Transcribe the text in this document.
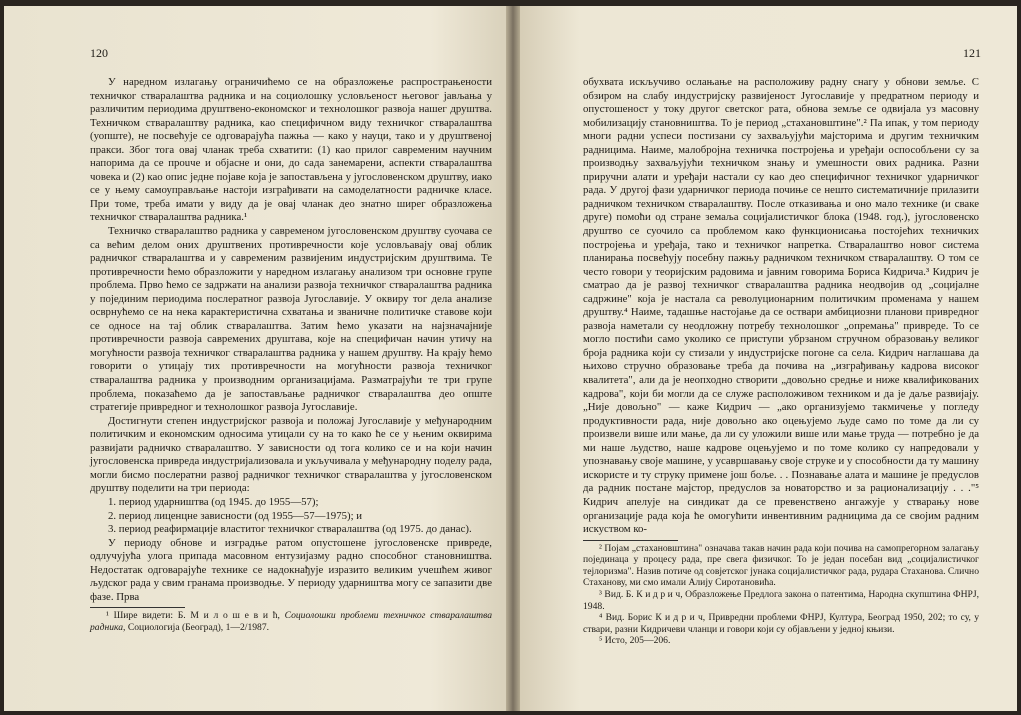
120

У наредном излагању ограничићемо се на образложење распрострањености техничког стваралаштва радника и на социолошку условљеност његовог јављања у различитим периодима друштвено-економског и технолошког развоја нашег друштва. Техничком стваралаштву радника, као специфичном виду техничког стваралаштва (уопште), не посвећује се одговарајућа пажња — како у науци, тако и у друштвеној пракси. Због тога овај чланак треба схватити: (1) као прилог савременим научним напорима да се прouче и објасне и они, до сада занемарени, аспекти стваралаштва човека и (2) као опис једне појаве која је запостављена у југословенском друштву, иако се у њему самоуправљање настоји изграђивати на самоделатности радничке класе. При томе, треба имати у виду да је овај чланак део знатно ширег образложења техничког стваралаштва радника.¹

Техничко стваралаштво радника у савременом југословенском друштву суочава се са већим делом оних друштвених противречности које условљавају овај облик радничког стваралаштва и у савременим развијеним индустријским друштвима. Те противречности ћемо образложити у наредном излагању анализом три основне групе проблема. Прво ћемо се задржати на анализи развоја техничког стваралаштва радника у појединим периодима послератног развоја Југославије. У оквиру тог дела анализе осврнућемо се на нека карактеристична схватања и званичне политичке ставове који се односе на тај облик стваралаштва. Затим ћемо указати на најзначајније противречности развоја савремених друштава, које на специфичан начин утичу на могућности развоја техничког стваралаштва радника у нашем друштву. На крају ћемо говорити о утицају тих противречности на могућности развоја техничког стваралаштва радника у производним организацијама. Разматрајући те три групе проблема, показаћемо да је запостављање радничког стваралаштва део опште стратегије привредног и технолошког развоја Југославије.

Достигнути степен индустријског развоја и положај Југославије у међународним политичким и економским односима утицали су на то како ће се у њеним оквирима развијати радничко стваралаштво. У зависности од тога колико се и на који начин југословенска привреда индустријализовала и укључивала у међународну поделу рада, могли бисмо послератни развој радничког техничког стваралаштва у југословенском друштву поделити на три периода:

1. период ударништва (од 1945. до 1955—57);
2. период лиценцне зависности (од 1955—57—1975); и
3. период реафирмације властитог техничког стваралаштва (од 1975. до данас).

У периоду обнове и изградње ратом опустошене југословенске привреде, одлучујућа улога припада масовном ентузијазму радно способног становништва. Недостатак одговарајуће технике се надокнађује изразито великим учешћем живог људског рада у свим гранама производње. У периоду ударништва могу се запазити две фазе. Прва

¹ Шире видети: Б. М и л о ш е в и ћ, Социолошки проблеми техничког стваралаштва радника, Социологија (Београд), 1—2/1987.

121

обухвата искључиво ослањање на расположиву радну снагу у обнови земље. С обзиром на слабу индустријску развијеност Југославије у предратном периоду и опустошеност у току другог светског рата, обнова земље се одвијала уз масовну мобилизацију становништва. То је период „стахановштине".² Па ипак, у том периоду многи радни успеси постизани су захваљујући мајсторима и другим техничким радницима. Наиме, малобројна техничка постројења и уређаји оспособљени су за производњу захваљујући техничком знању и умешности ових радника. Разни приручни алати и уређаји настали су као део специфичног техничког ударничког рада. У другој фази ударничког периода почиње се нешто систематичније прилазити радничком техничком стваралаштву. После отказивања и оно мало технике (и сваке друге) помоћи од стране земаља социјалистичког блока (1948. год.), југословенско друштво се суочило са проблемом како функционисања постојећих техничких постројења и уређаја, тако и техничког напретка. Стваралаштво новог система планирања посвећују посебну пажњу радничком техничком стваралаштву. О том се често говори у теоријским радовима и јавним говорима Бориса Кидрича.³ Кидрич је сматрао да је развој техничког стваралаштва радника неодвојив од „социјалне садржине" која је настала са револуционарним политичким променама у нашем друштву.⁴ Наиме, тадашње настојање да се оствари амбициозни планови привредног развоја наметали су неодложну потребу технолошког „опремања" привреде. То се могло постићи само уколико се приступи убрзаном стручном образовању великог броја радника који су стизали у индустријске погоне са села. Кидрич наглашава да њихово стручно образовање треба да почива на „изграђивању кадрова високог квалитета", али да је неопходно створити „довољно средње и ниже квалификованих кадрова", који би могли да се служе расположивом техником и да је даље развијају. „Није довољно" — каже Кидрич — „ако организујемо такмичење у погледу продуктивности рада, није довољно ако оцењујемо људе само по томе да ли су произвели више или мање, да ли су уложили више или мање труда — потребно је да ми наше људство, наше кадрове оцењујемо и по томе колико су напредовали у упознавању своје машине, у усавршавању своје струке и у способности да ту машину искористе и ту струку примене још боље. . . Познавање алата и машине је предуслов да радник постане мајстор, предуслов за новаторство и за рационализацију . . ."⁵ Кидрич апелује на синдикат да се превенствено ангажује у стварању нове организације рада која ће омогућити инвентивним радницима да се својим радним искуством ко-

² Појам „стахановштина" означава такав начин рада који почива на самопрегорном залагању појединаца у процесу рада, пре свега физичког. То је један посебан вид „социјалистичког тејлоризма". Назив потиче од совјетског јунака социјалистичког рада, рудара Стаханова. Слично Стаханову, ми смо имали Алију Сиротановића.

³ Вид. Б. К и д р и ч, Образложење Предлога закона о патентима, Народна скупштина ФНРЈ, 1948.

⁴ Вид. Борис К и д р и ч, Привредни проблеми ФНРЈ, Култура, Београд 1950, 202; то су, у ствари, разни Кидричеви чланци и говори који су објављени у једној књизи.

⁵ Исто, 205—206.
